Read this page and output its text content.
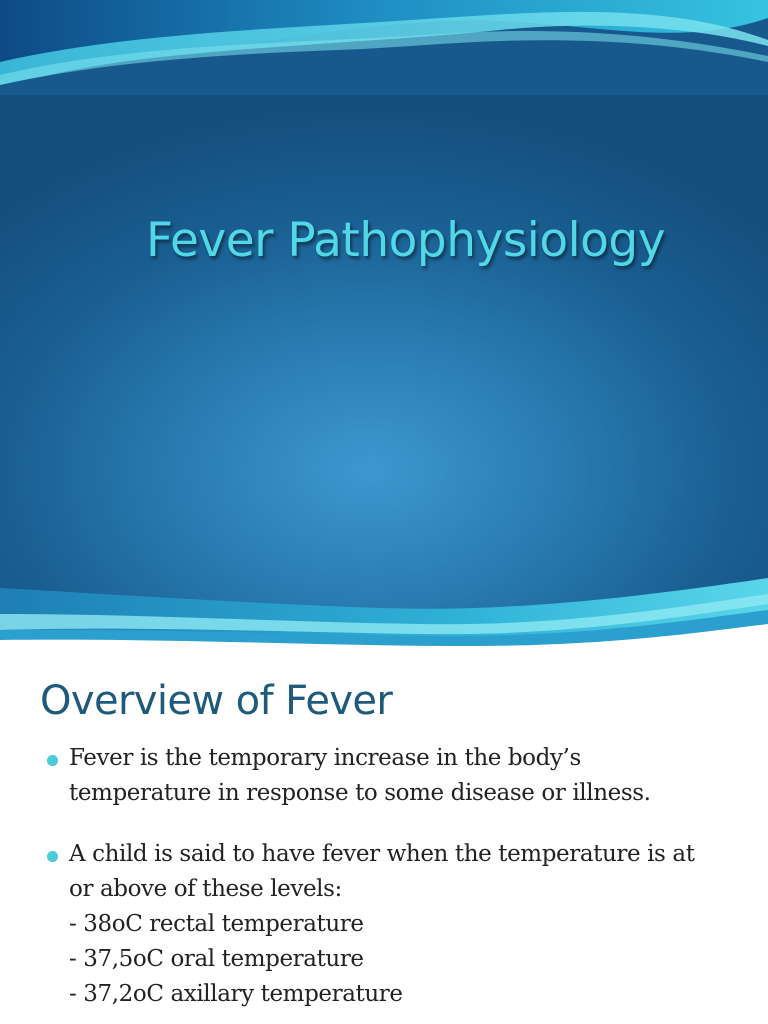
Fever Pathophysiology
Overview of Fever
Fever is the temporary increase in the body’s
temperature in response to some disease or illness.
A child is said to have fever when the temperature is at
or above of these levels:
- 38oC rectal temperature
- 37,5oC oral temperature
- 37,2oC axillary temperature
